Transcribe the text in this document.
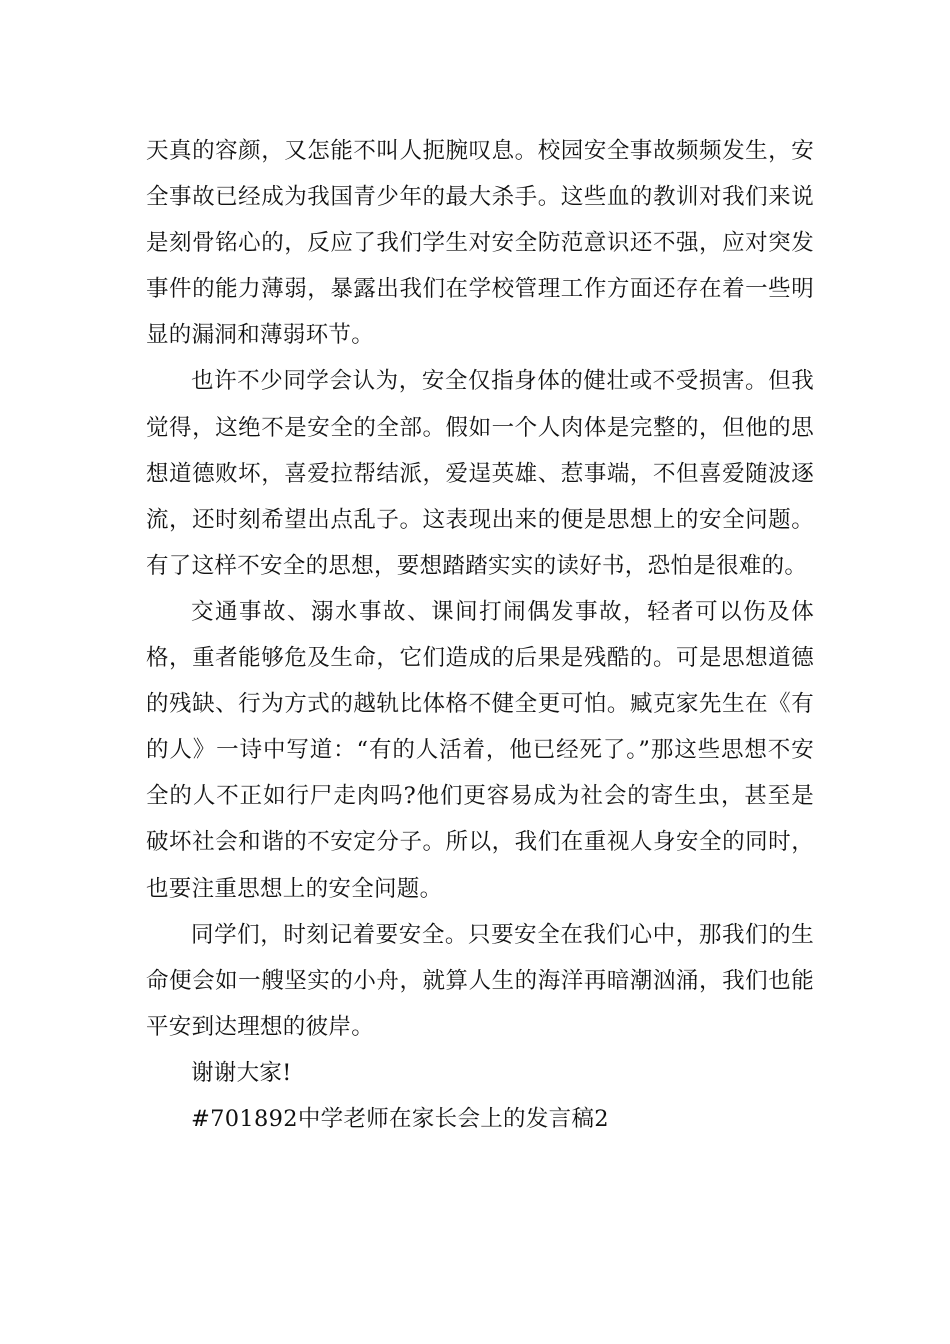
天真的容颜，又怎能不叫人扼腕叹息。校园安全事故频频发生，安全事故已经成为我国青少年的最大杀手。这些血的教训对我们来说是刻骨铭心的，反应了我们学生对安全防范意识还不强，应对突发事件的能力薄弱，暴露出我们在学校管理工作方面还存在着一些明显的漏洞和薄弱环节。

也许不少同学会认为，安全仅指身体的健壮或不受损害。但我觉得，这绝不是安全的全部。假如一个人肉体是完整的，但他的思想道德败坏，喜爱拉帮结派，爱逞英雄、惹事端，不但喜爱随波逐流，还时刻希望出点乱子。这表现出来的便是思想上的安全问题。有了这样不安全的思想，要想踏踏实实的读好书，恐怕是很难的。

交通事故、溺水事故、课间打闹偶发事故，轻者可以伤及体格，重者能够危及生命，它们造成的后果是残酷的。可是思想道德的残缺、行为方式的越轨比体格不健全更可怕。臧克家先生在《有的人》一诗中写道：“有的人活着，他已经死了。”那这些思想不安全的人不正如行尸走肉吗?他们更容易成为社会的寄生虫，甚至是破坏社会和谐的不安定分子。所以，我们在重视人身安全的同时，也要注重思想上的安全问题。

同学们，时刻记着要安全。只要安全在我们心中，那我们的生命便会如一艘坚实的小舟，就算人生的海洋再暗潮汹涌，我们也能平安到达理想的彼岸。

谢谢大家!

#701892中学老师在家长会上的发言稿2
